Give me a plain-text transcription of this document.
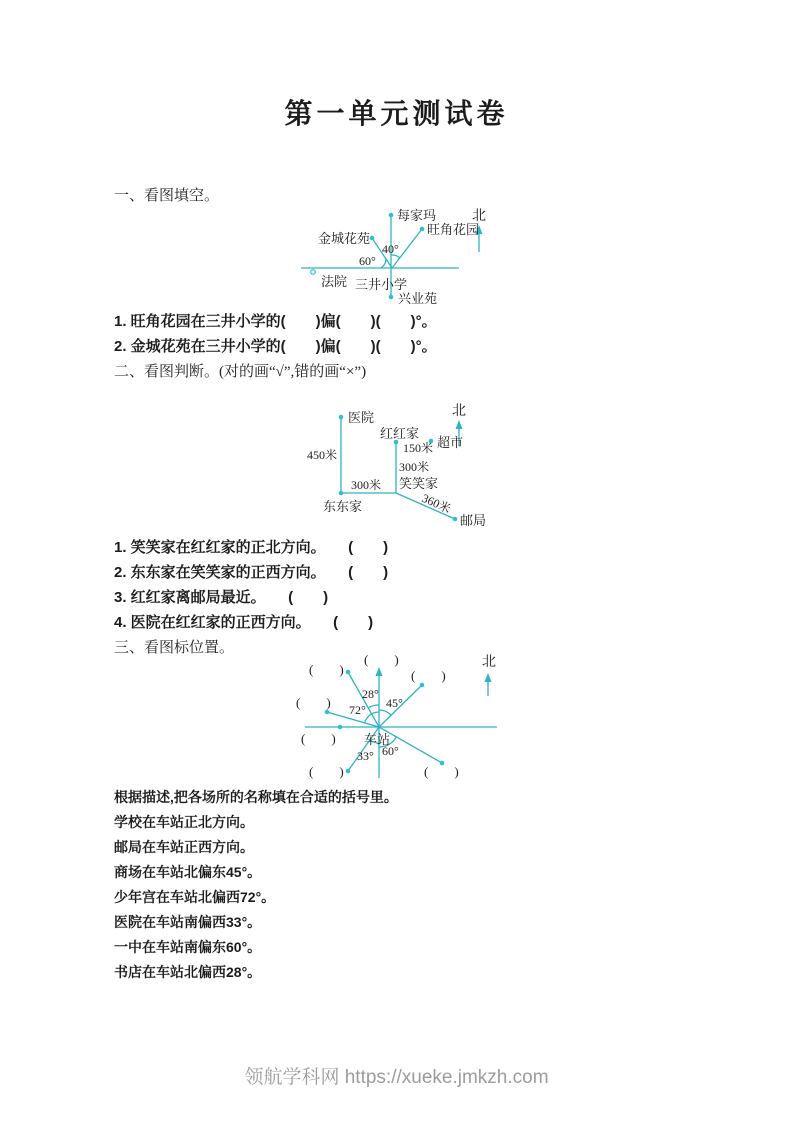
第一单元测试卷
一、看图填空。
每家玛
旺角花园
金城花苑
40°
60°
法院 三井小学
兴业苑
北
1. 旺角花园在三井小学的(　　)偏(　　)(　　)°。
2. 金城花苑在三井小学的(　　)偏(　　)(　　)°。
二、看图判断。(对的画“√”,错的画“×”)
医院
450米
东东家
300米
红红家
300米
150米 超市
笑笑家
360米
邮局
北
1. 笑笑家在红红家的正北方向。　　(　　)
2. 东东家在笑笑家的正西方向。　　(　　)
3. 红红家离邮局最近。　　(　　)
4. 医院在红红家的正西方向。　　(　　)
三、看图标位置。
(　　)
(　　)	(　　)
(　　)
(　　)
(　　)	(　　)
28°
72° 45°
33° 60°
车站
北
根据描述,把各场所的名称填在合适的括号里。
学校在车站正北方向。
邮局在车站正西方向。
商场在车站北偏东45°。
少年宫在车站北偏西72°。
医院在车站南偏西33°。
一中在车站南偏东60°。
书店在车站北偏西28°。
领航学科网 https://xueke.jmkzh.com
